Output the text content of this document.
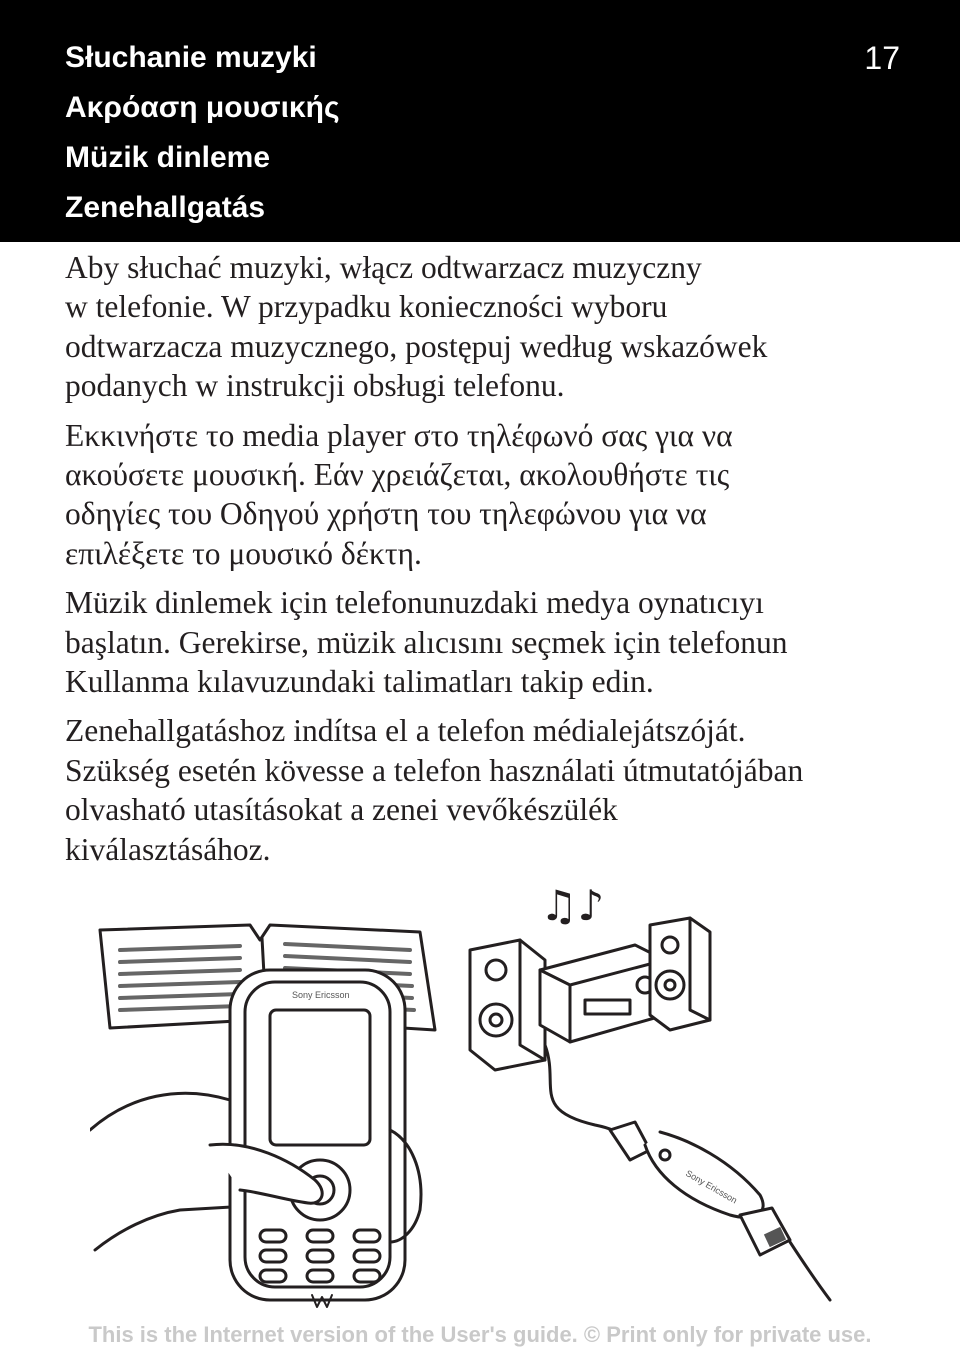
Słuchanie muzyki
Ακρόαση μουσικής
Müzik dinleme
Zenehallgatás
17

Aby słuchać muzyki, włącz odtwarzacz muzyczny
w telefonie. W przypadku konieczności wyboru
odtwarzacza muzycznego, postępuj według wskazówek
podanych w instrukcji obsługi telefonu.

Εκκινήστε το media player στο τηλέφωνό σας για να
ακούσετε μουσική. Εάν χρειάζεται, ακολουθήστε τις
οδηγίες του Οδηγού χρήστη του τηλεφώνου για να
επιλέξετε το μουσικό δέκτη.

Müzik dinlemek için telefonunuzdaki medya oynatıcıyı
başlatın. Gerekirse, müzik alıcısını seçmek için telefonun
Kullanma kılavuzundaki talimatları takip edin.

Zenehallgatáshoz indítsa el a telefon médialejátszóját.
Szükség esetén kövesse a telefon használati útmutatójában
olvasható utasításokat a zenei vevőkészülék
kiválasztásához.

Sony Ericsson
♫♪
Sony Ericsson
This is the Internet version of the User's guide. © Print only for private use.
